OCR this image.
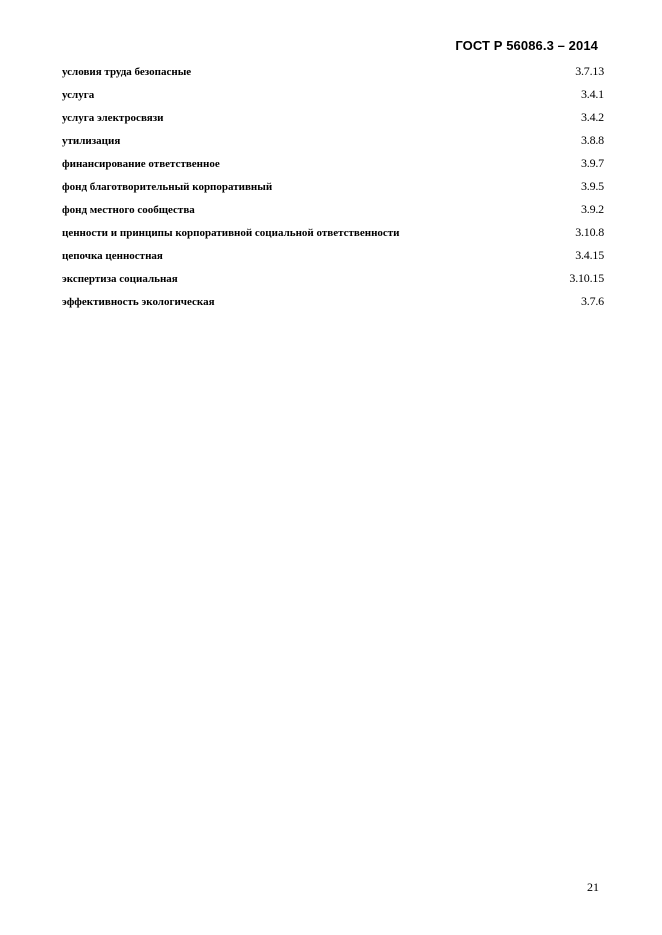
ГОСТ Р 56086.3 – 2014
условия труда безопасные	3.7.13
услуга	3.4.1
услуга электросвязи	3.4.2
утилизация	3.8.8
финансирование ответственное	3.9.7
фонд благотворительный корпоративный	3.9.5
фонд местного сообщества	3.9.2
ценности и принципы корпоративной социальной ответственности	3.10.8
цепочка ценностная	3.4.15
экспертиза социальная	3.10.15
эффективность экологическая	3.7.6
21
